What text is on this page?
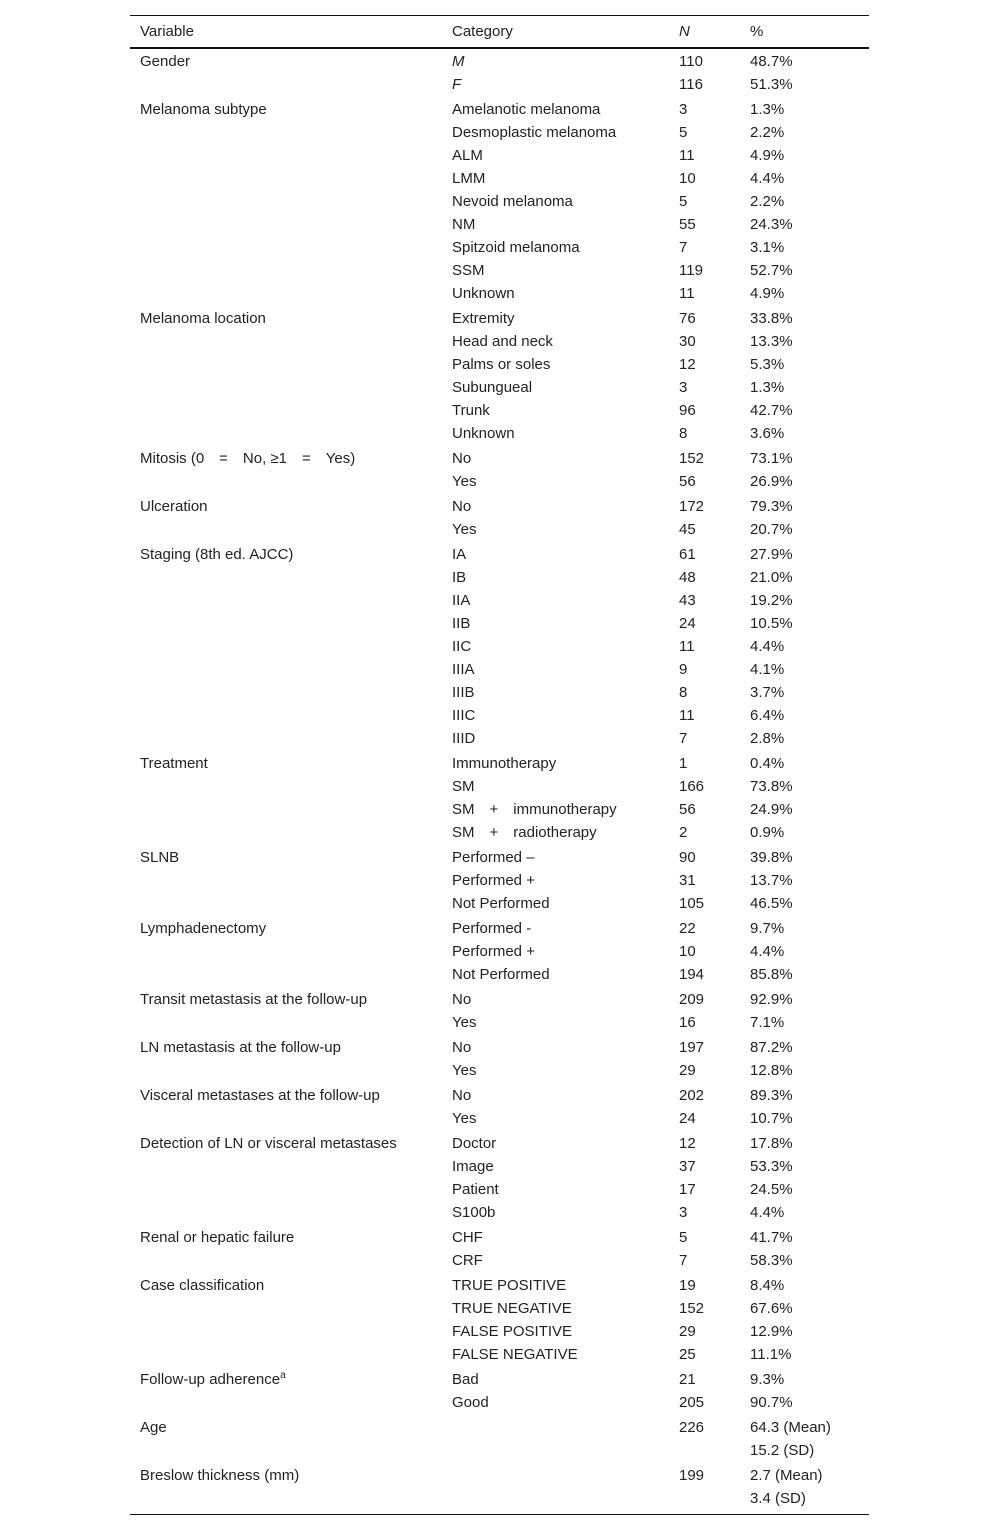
Variable	Category	N	%
Gender	M	110	48.7%

	F	116	51.3%

Melanoma subtype	Amelanotic melanoma	3	1.3%

	Desmoplastic melanoma	5	2.2%

	ALM	11	4.9%

	LMM	10	4.4%

	Nevoid melanoma	5	2.2%

	NM	55	24.3%

	Spitzoid melanoma	7	3.1%

	SSM	119	52.7%

	Unknown	11	4.9%

Melanoma location	Extremity	76	33.8%

	Head and neck	30	13.3%

	Palms or soles	12	5.3%

	Subungueal	3	1.3%

	Trunk	96	42.7%

	Unknown	8	3.6%

Mitosis (0 = No, ≥1 = Yes)	No	152	73.1%

	Yes	56	26.9%

Ulceration	No	172	79.3%

	Yes	45	20.7%

Staging (8th ed. AJCC)	IA	61	27.9%

	IB	48	21.0%

	IIA	43	19.2%

	IIB	24	10.5%

	IIC	11	4.4%

	IIIA	9	4.1%

	IIIB	8	3.7%

	IIIC	11	6.4%

	IIID	7	2.8%

Treatment	Immunotherapy	1	0.4%

	SM	166	73.8%

	SM + immunotherapy	56	24.9%

	SM + radiotherapy	2	0.9%

SLNB	Performed –	90	39.8%

	Performed +	31	13.7%

	Not Performed	105	46.5%

Lymphadenectomy	Performed -	22	9.7%

	Performed +	10	4.4%

	Not Performed	194	85.8%

Transit metastasis at the follow-up	No	209	92.9%

	Yes	16	7.1%

LN metastasis at the follow-up	No	197	87.2%

	Yes	29	12.8%

Visceral metastases at the follow-up	No	202	89.3%

	Yes	24	10.7%

Detection of LN or visceral metastases	Doctor	12	17.8%

	Image	37	53.3%

	Patient	17	24.5%

	S100b	3	4.4%

Renal or hepatic failure	CHF	5	41.7%

	CRF	7	58.3%

Case classification	TRUE POSITIVE	19	8.4%

	TRUE NEGATIVE	152	67.6%

	FALSE POSITIVE	29	12.9%

	FALSE NEGATIVE	25	11.1%

Follow-up adherence$^a$	Bad	21	9.3%

	Good	205	90.7%

Age		226	64.3 (Mean)
15.2 (SD)

Breslow thickness (mm)		199	2.7 (Mean)
3.4 (SD)
